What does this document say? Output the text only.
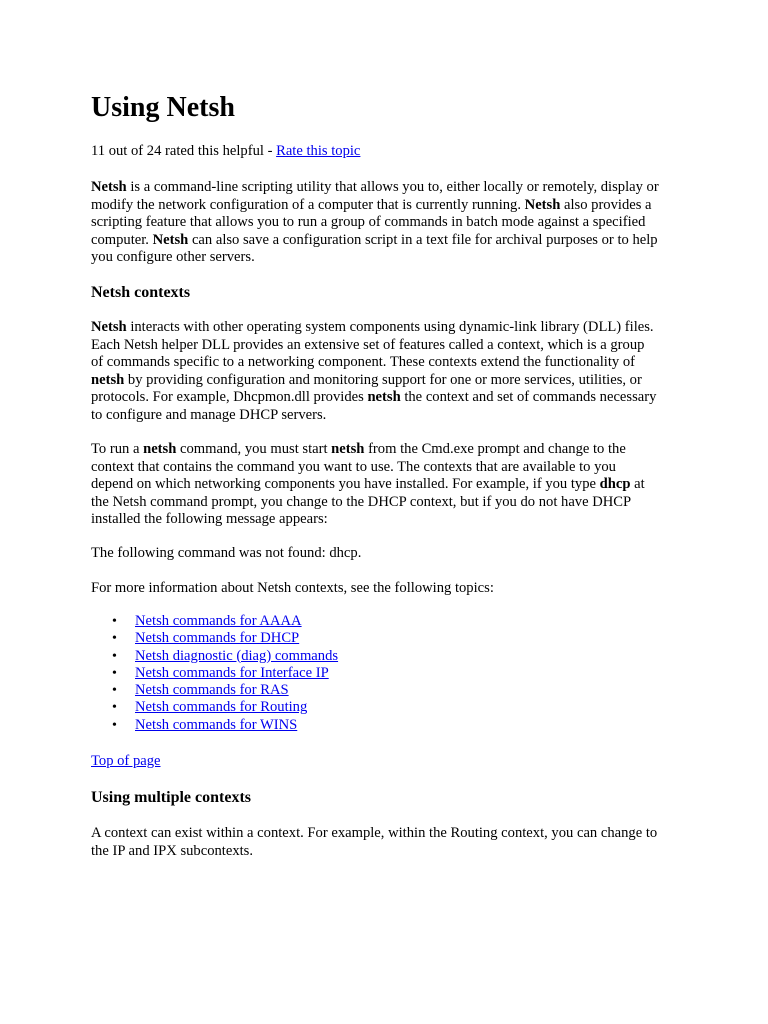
Using Netsh
11 out of 24 rated this helpful - Rate this topic
Netsh is a command-line scripting utility that allows you to, either locally or remotely, display or
modify the network configuration of a computer that is currently running. Netsh also provides a
scripting feature that allows you to run a group of commands in batch mode against a specified
computer. Netsh can also save a configuration script in a text file for archival purposes or to help
you configure other servers.
Netsh contexts
Netsh interacts with other operating system components using dynamic-link library (DLL) files.
Each Netsh helper DLL provides an extensive set of features called a context, which is a group
of commands specific to a networking component. These contexts extend the functionality of
netsh by providing configuration and monitoring support for one or more services, utilities, or
protocols. For example, Dhcpmon.dll provides netsh the context and set of commands necessary
to configure and manage DHCP servers.
To run a netsh command, you must start netsh from the Cmd.exe prompt and change to the
context that contains the command you want to use. The contexts that are available to you
depend on which networking components you have installed. For example, if you type dhcp at
the Netsh command prompt, you change to the DHCP context, but if you do not have DHCP
installed the following message appears:
The following command was not found: dhcp.
For more information about Netsh contexts, see the following topics:
• Netsh commands for AAAA
• Netsh commands for DHCP
• Netsh diagnostic (diag) commands
• Netsh commands for Interface IP
• Netsh commands for RAS
• Netsh commands for Routing
• Netsh commands for WINS
Top of page
Using multiple contexts
A context can exist within a context. For example, within the Routing context, you can change to
the IP and IPX subcontexts.
